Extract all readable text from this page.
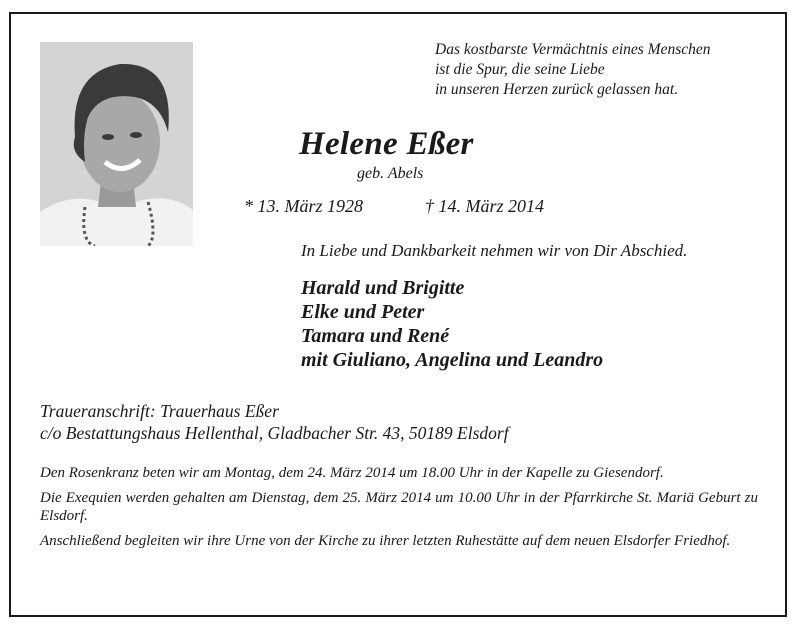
Das kostbarste Vermächtnis eines Menschen
ist die Spur, die seine Liebe
in unseren Herzen zurück gelassen hat.
Helene Eßer
geb. Abels
* 13. März 1928	† 14. März 2014
In Liebe und Dankbarkeit nehmen wir von Dir Abschied.
Harald und Brigitte
Elke und Peter
Tamara und René
mit Giuliano, Angelina und Leandro
Traueranschrift: Trauerhaus Eßer
c/o Bestattungshaus Hellenthal, Gladbacher Str. 43, 50189 Elsdorf

Den Rosenkranz beten wir am Montag, dem 24. März 2014 um 18.00 Uhr in der Kapelle zu Giesendorf.

Die Exequien werden gehalten am Dienstag, dem 25. März 2014 um 10.00 Uhr in der Pfarrkirche St. Mariä Geburt zu Elsdorf.

Anschließend begleiten wir ihre Urne von der Kirche zu ihrer letzten Ruhestätte auf dem neuen Elsdorfer Friedhof.
